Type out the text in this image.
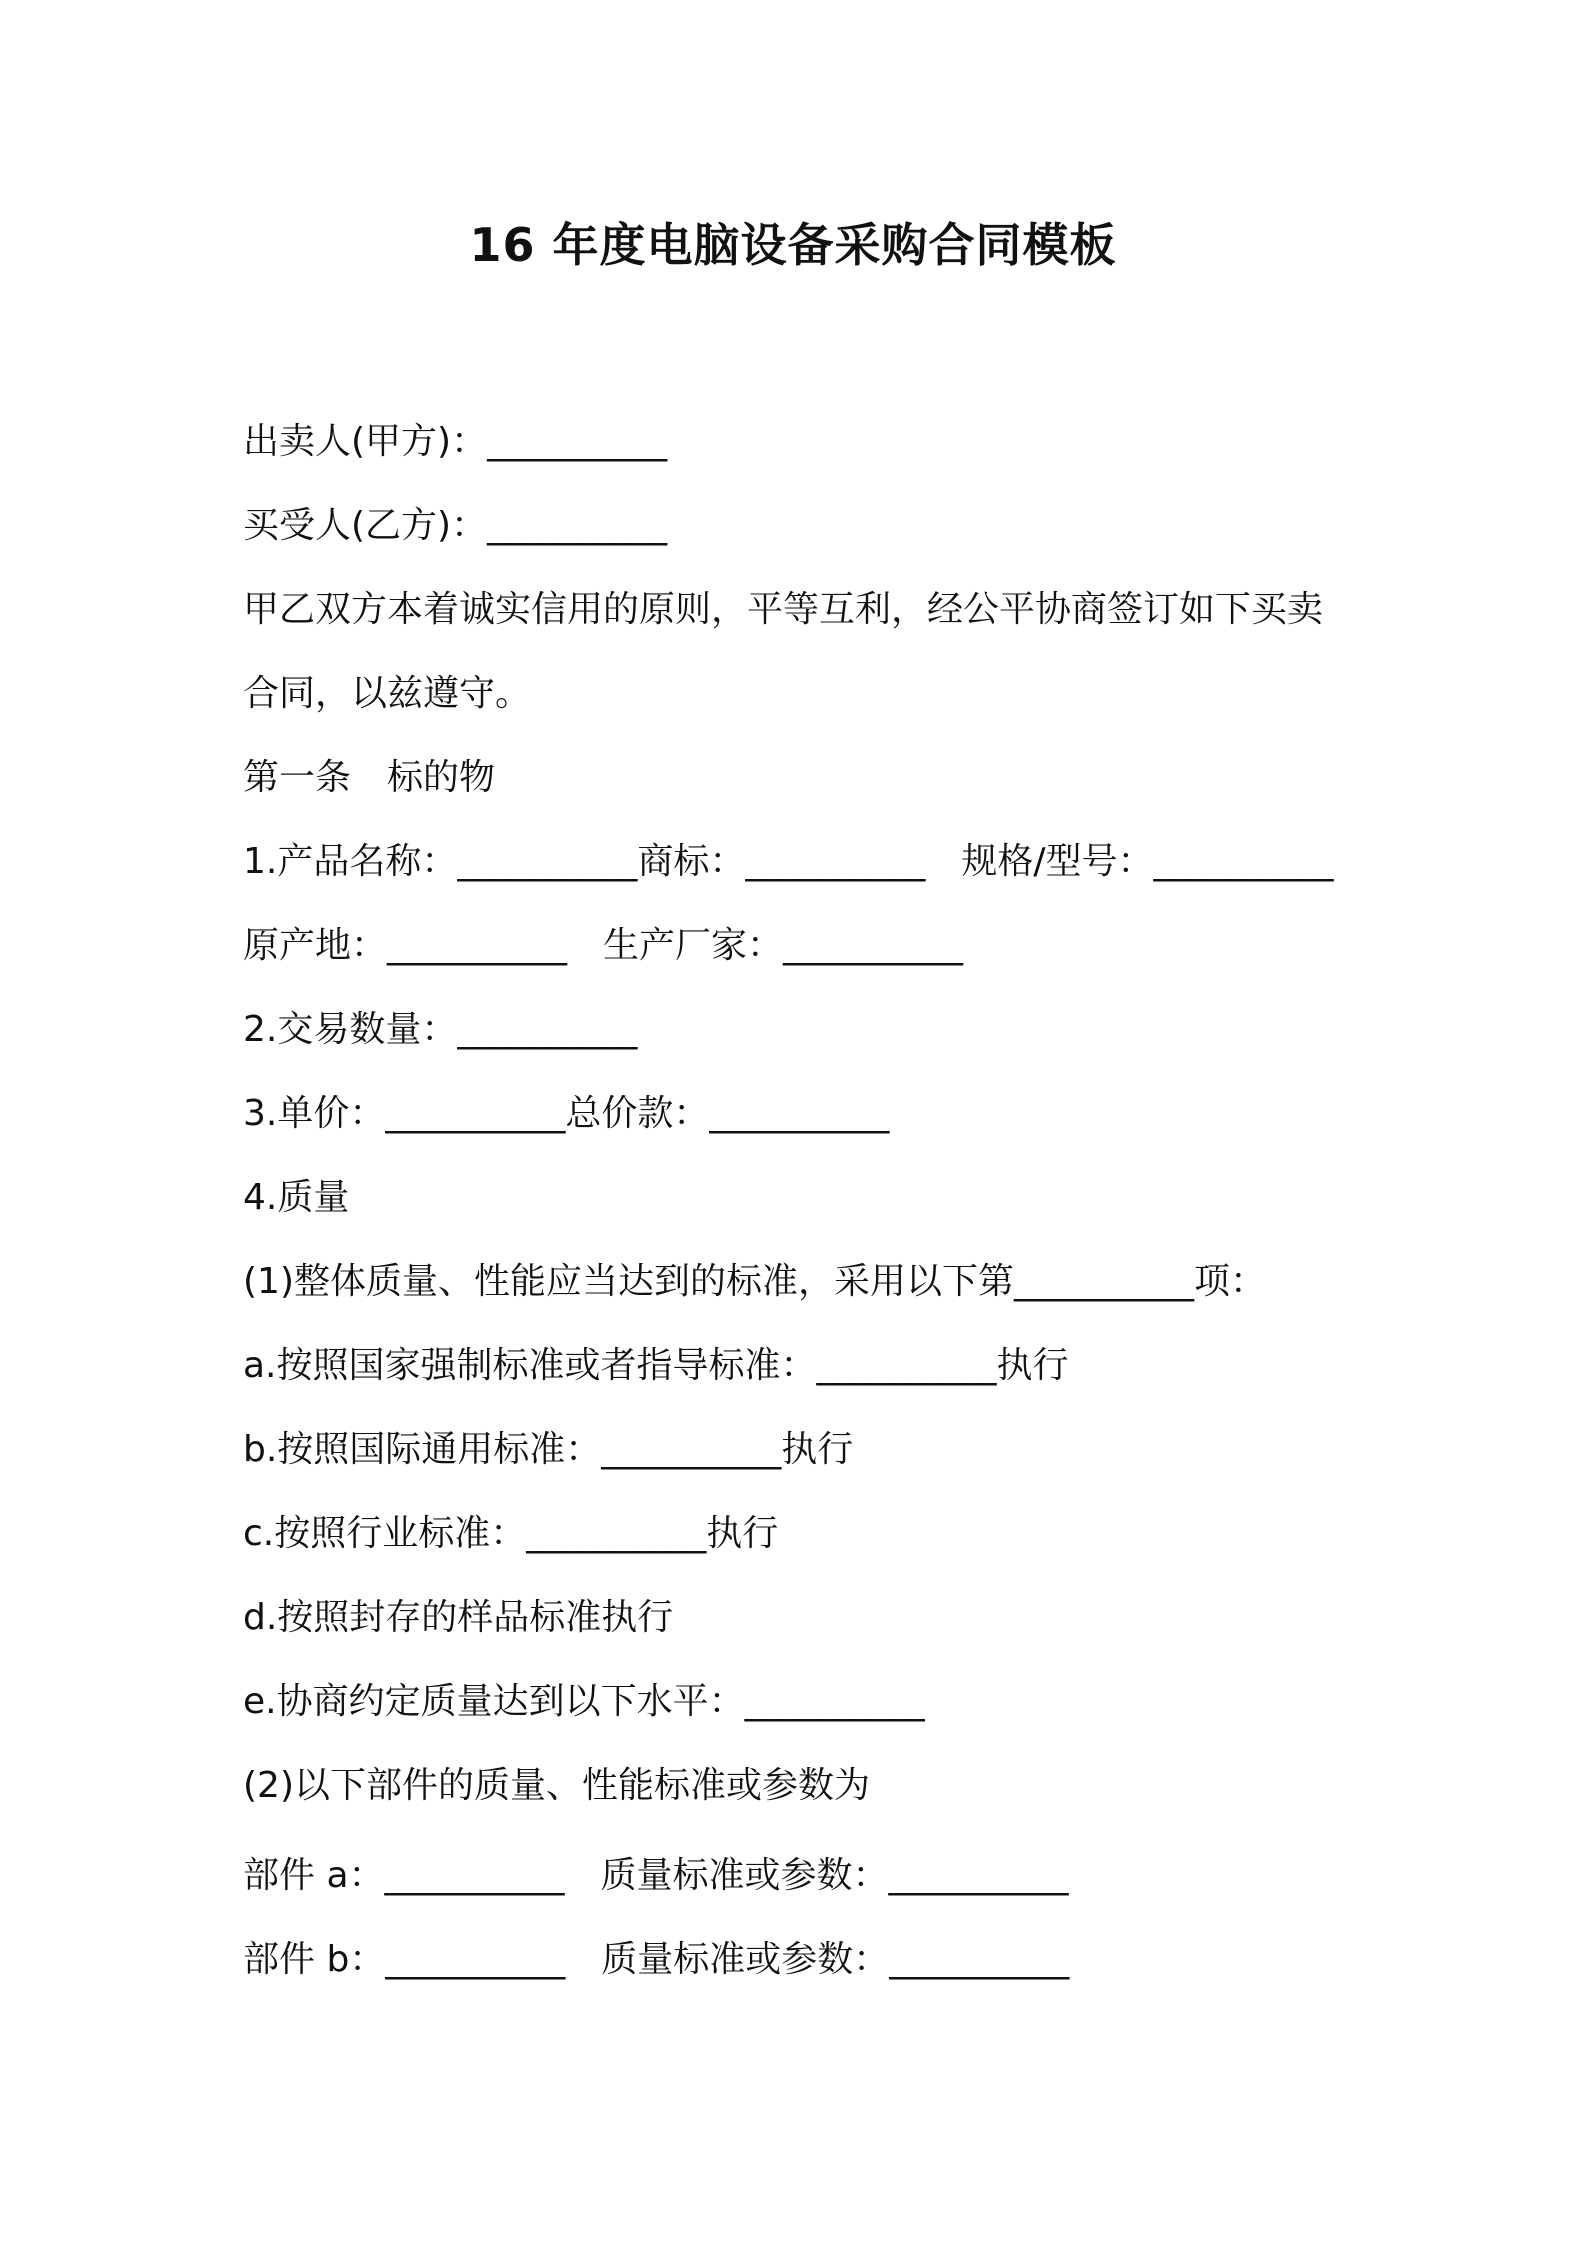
16 年度电脑设备采购合同模板

出卖人(甲方)：__________

买受人(乙方)：__________

甲乙双方本着诚实信用的原则，平等互利，经公平协商签订如下买卖

合同，以兹遵守。

第一条　标的物

1.产品名称：__________商标：__________　规格/型号：__________

原产地：__________　生产厂家：__________

2.交易数量：__________

3.单价：__________总价款：__________

4.质量

(1)整体质量、性能应当达到的标准，采用以下第__________项：

a.按照国家强制标准或者指导标准：__________执行

b.按照国际通用标准：__________执行

c.按照行业标准：__________执行

d.按照封存的样品标准执行

e.协商约定质量达到以下水平：__________

(2)以下部件的质量、性能标准或参数为

部件 a：__________　质量标准或参数：__________

部件 b：__________　质量标准或参数：__________
